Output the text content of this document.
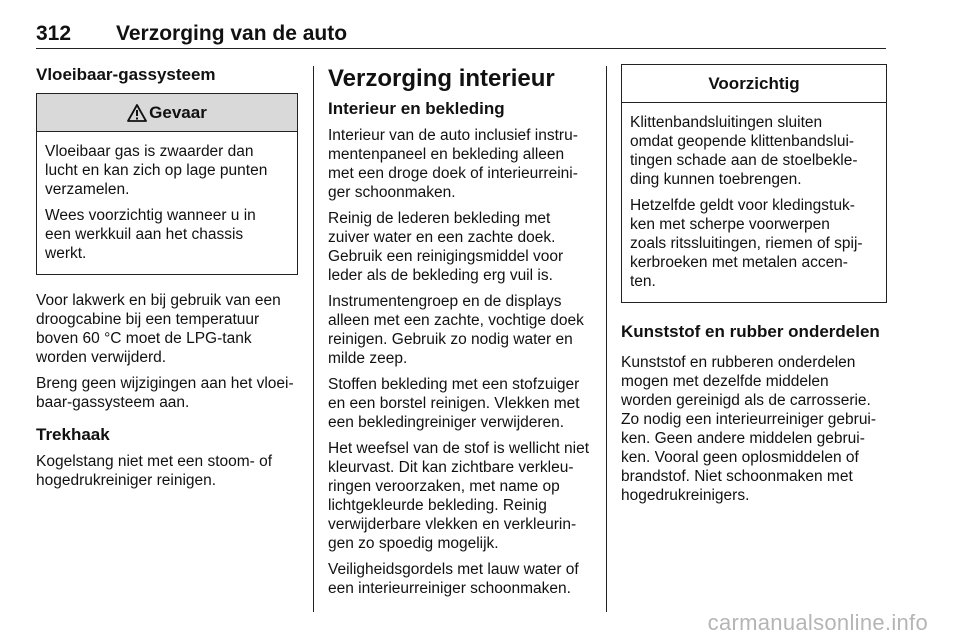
312 Verzorging van de auto
Vloeibaar-gassysteem
Gevaar

Vloeibaar gas is zwaarder dan
lucht en kan zich op lage punten
verzamelen.

Wees voorzichtig wanneer u in
een werkkuil aan het chassis
werkt.

Voor lakwerk en bij gebruik van een
droogcabine bij een temperatuur
boven 60 °C moet de LPG-tank
worden verwijderd.

Breng geen wijzigingen aan het vloei-
baar-gassysteem aan.

Trekhaak

Kogelstang niet met een stoom- of
hogedrukreiniger reinigen.

Verzorging interieur
Interieur en bekleding

Interieur van de auto inclusief instru-
mentenpaneel en bekleding alleen
met een droge doek of interieurreini-
ger schoonmaken.

Reinig de lederen bekleding met
zuiver water en een zachte doek.
Gebruik een reinigingsmiddel voor
leder als de bekleding erg vuil is.

Instrumentengroep en de displays
alleen met een zachte, vochtige doek
reinigen. Gebruik zo nodig water en
milde zeep.

Stoffen bekleding met een stofzuiger
en een borstel reinigen. Vlekken met
een bekledingreiniger verwijderen.

Het weefsel van de stof is wellicht niet
kleurvast. Dit kan zichtbare verkleu-
ringen veroorzaken, met name op
lichtgekleurde bekleding. Reinig
verwijderbare vlekken en verkleurin-
gen zo spoedig mogelijk.

Veiligheidsgordels met lauw water of
een interieurreiniger schoonmaken.

Voorzichtig

Klittenbandsluitingen sluiten
omdat geopende klittenbandslui-
tingen schade aan de stoelbekle-
ding kunnen toebrengen.

Hetzelfde geldt voor kledingstuk-
ken met scherpe voorwerpen
zoals ritssluitingen, riemen of spij-
kerbroeken met metalen accen-
ten.

Kunststof en rubber onderdelen

Kunststof en rubberen onderdelen
mogen met dezelfde middelen
worden gereinigd als de carrosserie.
Zo nodig een interieurreiniger gebrui-
ken. Geen andere middelen gebrui-
ken. Vooral geen oplosmiddelen of
brandstof. Niet schoonmaken met
hogedrukreinigers.

carmanualsonline.info
